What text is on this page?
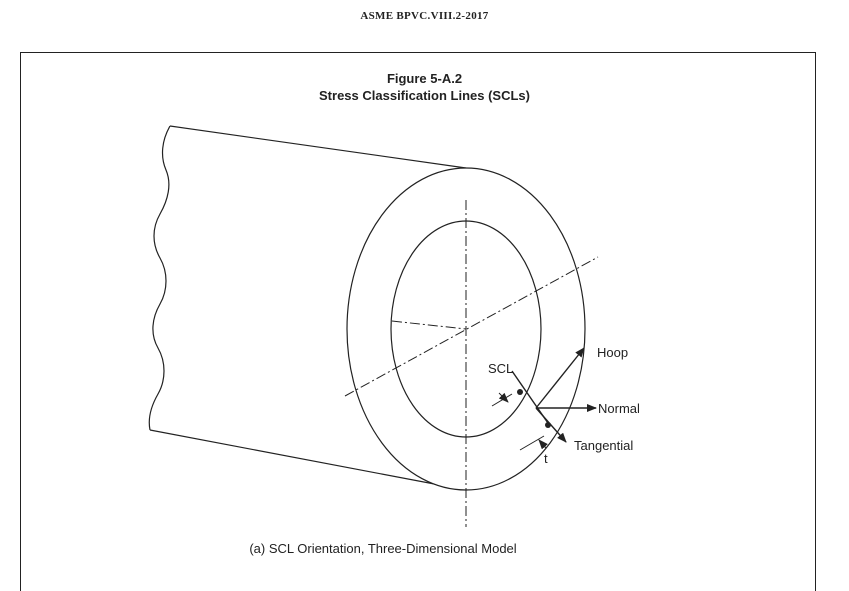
ASME BPVC.VIII.2-2017
Figure 5-A.2
Stress Classification Lines (SCLs)
Hoop
SCL
Normal
Tangential
t
(a) SCL Orientation, Three-Dimensional Model
